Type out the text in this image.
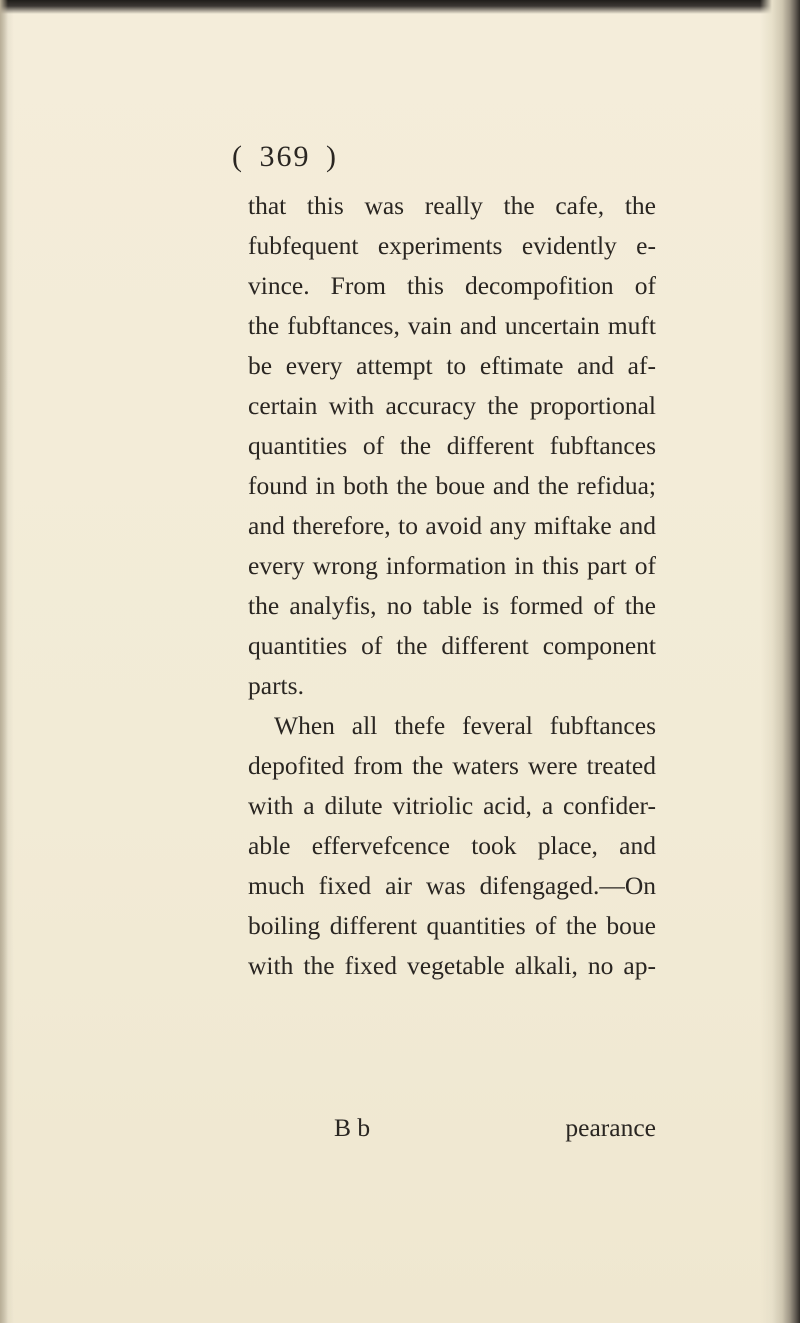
( 369 )
that this was really the cafe, the
fubfequent experiments evidently e-
vince. From this decompofition of
the fubftances, vain and uncertain muft
be every attempt to eftimate and af-
certain with accuracy the proportional
quantities of the different fubftances
found in both the boue and the refidua;
and therefore, to avoid any miftake and
every wrong information in this part of
the analyfis, no table is formed of the
quantities of the different component
parts.
When all thefe feveral fubftances
depofited from the waters were treated
with a dilute vitriolic acid, a confider-
able effervefcence took place, and
much fixed air was difengaged.—On
boiling different quantities of the boue
with the fixed vegetable alkali, no ap-
B b	pearance
